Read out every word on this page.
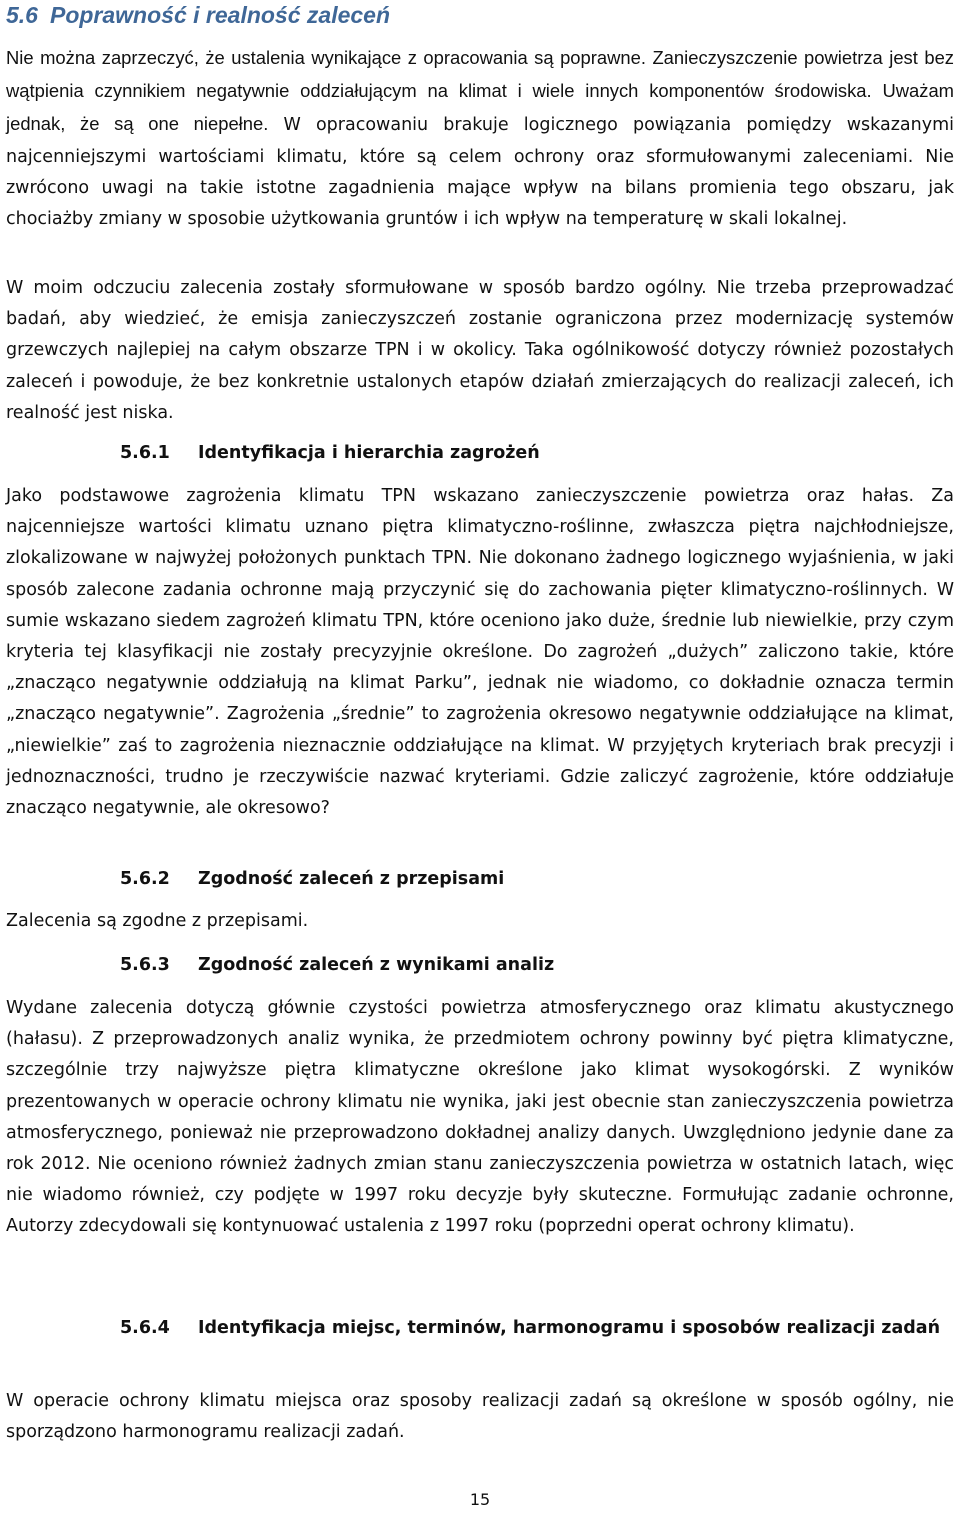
5.6 Poprawność i realność zaleceń
Nie można zaprzeczyć, że ustalenia wynikające z opracowania są poprawne. Zanieczyszczenie powietrza jest bez wątpienia czynnikiem negatywnie oddziałującym na klimat i wiele innych komponentów środowiska. Uważam jednak, że są one niepełne. W opracowaniu brakuje logicznego powiązania pomiędzy wskazanymi najcenniejszymi wartościami klimatu, które są celem ochrony oraz sformułowanymi zaleceniami. Nie zwrócono uwagi na takie istotne zagadnienia mające wpływ na bilans promienia tego obszaru, jak chociażby zmiany w sposobie użytkowania gruntów i ich wpływ na temperaturę w skali lokalnej.
W moim odczuciu zalecenia zostały sformułowane w sposób bardzo ogólny. Nie trzeba przeprowadzać badań, aby wiedzieć, że emisja zanieczyszczeń zostanie ograniczona przez modernizację systemów grzewczych najlepiej na całym obszarze TPN i w okolicy. Taka ogólnikowość dotyczy również pozostałych zaleceń i powoduje, że bez konkretnie ustalonych etapów działań zmierzających do realizacji zaleceń, ich realność jest niska.
5.6.1 Identyfikacja i hierarchia zagrożeń
Jako podstawowe zagrożenia klimatu TPN wskazano zanieczyszczenie powietrza oraz hałas. Za najcenniejsze wartości klimatu uznano piętra klimatyczno-roślinne, zwłaszcza piętra najchłodniejsze, zlokalizowane w najwyżej położonych punktach TPN. Nie dokonano żadnego logicznego wyjaśnienia, w jaki sposób zalecone zadania ochronne mają przyczynić się do zachowania pięter klimatyczno-roślinnych. W sumie wskazano siedem zagrożeń klimatu TPN, które oceniono jako duże, średnie lub niewielkie, przy czym kryteria tej klasyfikacji nie zostały precyzyjnie określone. Do zagrożeń „dużych” zaliczono takie, które „znacząco negatywnie oddziałują na klimat Parku”, jednak nie wiadomo, co dokładnie oznacza termin „znacząco negatywnie”. Zagrożenia „średnie” to zagrożenia okresowo negatywnie oddziałujące na klimat, „niewielkie” zaś to zagrożenia nieznacznie oddziałujące na klimat. W przyjętych kryteriach brak precyzji i jednoznaczności, trudno je rzeczywiście nazwać kryteriami. Gdzie zaliczyć zagrożenie, które oddziałuje znacząco negatywnie, ale okresowo?
5.6.2 Zgodność zaleceń z przepisami
Zalecenia są zgodne z przepisami.
5.6.3 Zgodność zaleceń z wynikami analiz
Wydane zalecenia dotyczą głównie czystości powietrza atmosferycznego oraz klimatu akustycznego (hałasu). Z przeprowadzonych analiz wynika, że przedmiotem ochrony powinny być piętra klimatyczne, szczególnie trzy najwyższe piętra klimatyczne określone jako klimat wysokogórski. Z wyników prezentowanych w operacie ochrony klimatu nie wynika, jaki jest obecnie stan zanieczyszczenia powietrza atmosferycznego, ponieważ nie przeprowadzono dokładnej analizy danych. Uwzględniono jedynie dane za rok 2012. Nie oceniono również żadnych zmian stanu zanieczyszczenia powietrza w ostatnich latach, więc nie wiadomo również, czy podjęte w 1997 roku decyzje były skuteczne. Formułując zadanie ochronne, Autorzy zdecydowali się kontynuować ustalenia z 1997 roku (poprzedni operat ochrony klimatu).
5.6.4	Identyfikacja miejsc, terminów, harmonogramu i sposobów realizacji zadań
W operacie ochrony klimatu miejsca oraz sposoby realizacji zadań są określone w sposób ogólny, nie sporządzono harmonogramu realizacji zadań.
15
